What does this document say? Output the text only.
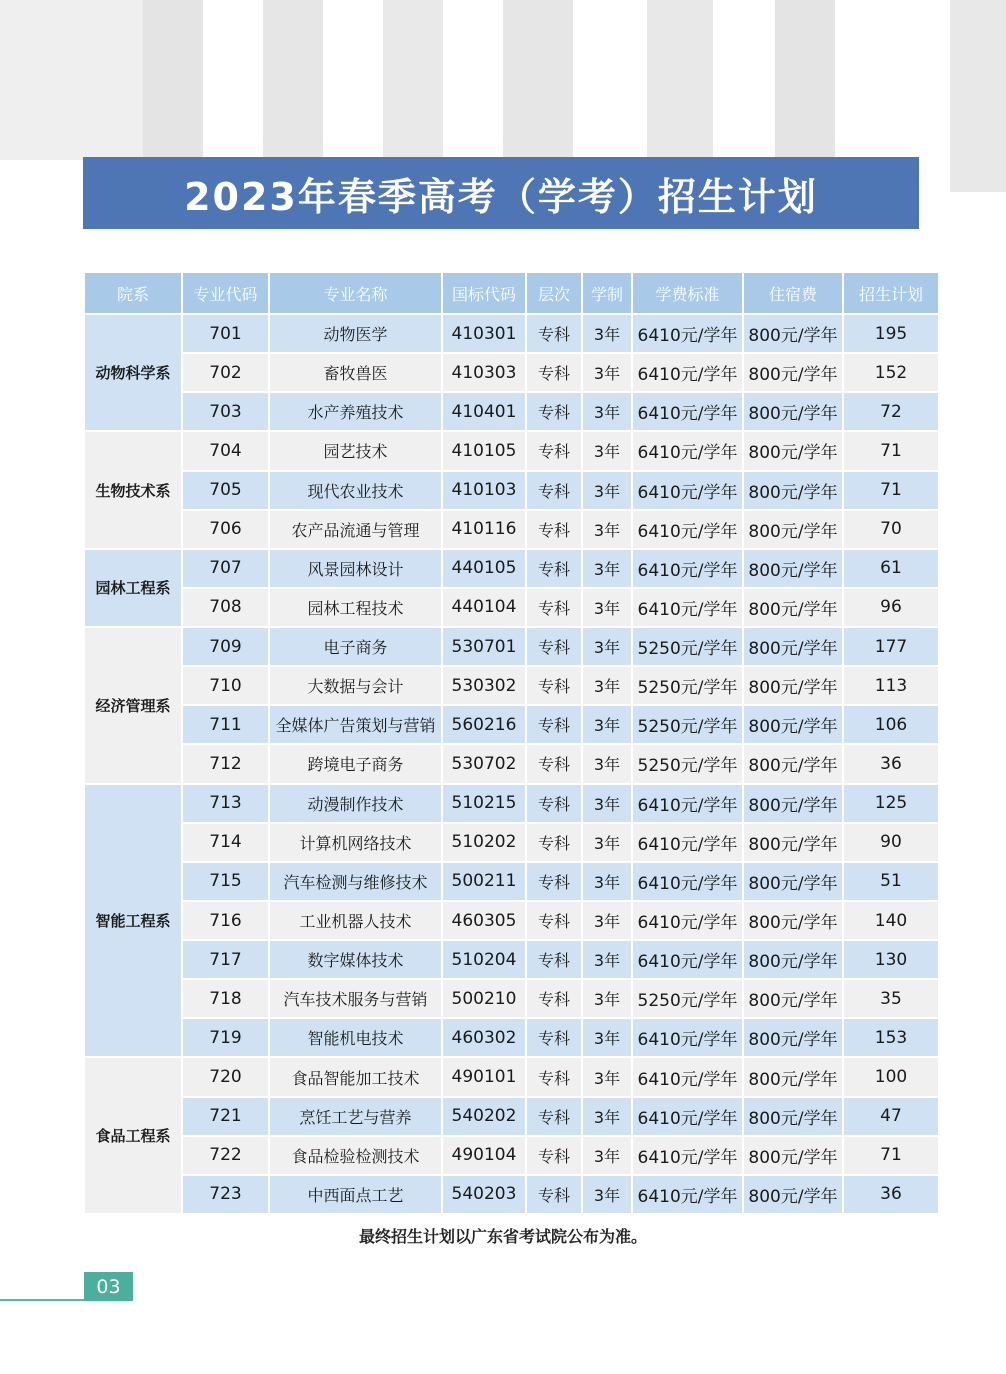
2023年春季高考（学考）招生计划
院系	专业代码	专业名称	国标代码	层次	学制	学费标准	住宿费	招生计划
动物科学系
701	动物医学	410301	专科	3年	6410元/学年 800元/学年	195
702	畜牧兽医	410303	专科	3年	6410元/学年 800元/学年	152
703	水产养殖技术	410401	专科	3年	6410元/学年 800元/学年	72
生物技术系
704	园艺技术	410105	专科	3年	6410元/学年 800元/学年	71
705	现代农业技术	410103	专科	3年	6410元/学年 800元/学年	71
706	农产品流通与管理	410116	专科	3年	6410元/学年 800元/学年	70
园林工程系
707	风景园林设计	440105	专科	3年	6410元/学年 800元/学年	61
708	园林工程技术	440104	专科	3年	6410元/学年 800元/学年	96
经济管理系
709	电子商务	530701	专科	3年	5250元/学年 800元/学年	177
710	大数据与会计	530302	专科	3年	5250元/学年 800元/学年	113
711	全媒体广告策划与营销 560216	专科	3年	5250元/学年 800元/学年	106
712	跨境电子商务	530702	专科	3年	5250元/学年 800元/学年	36
智能工程系
713	动漫制作技术	510215	专科	3年	6410元/学年 800元/学年	125
714	计算机网络技术	510202	专科	3年	6410元/学年 800元/学年	90
715	汽车检测与维修技术	500211	专科	3年	6410元/学年 800元/学年	51
716	工业机器人技术	460305	专科	3年	6410元/学年 800元/学年	140
717	数字媒体技术	510204	专科	3年	6410元/学年 800元/学年	130
718	汽车技术服务与营销	500210	专科	3年	5250元/学年 800元/学年	35
719	智能机电技术	460302	专科	3年	6410元/学年 800元/学年	153
食品工程系
720	食品智能加工技术	490101	专科	3年	6410元/学年 800元/学年	100
721	烹饪工艺与营养	540202	专科	3年	6410元/学年 800元/学年	47
722	食品检验检测技术	490104	专科	3年	6410元/学年 800元/学年	71
723	中西面点工艺	540203	专科	3年	6410元/学年 800元/学年	36
最终招生计划以广东省考试院公布为准。
03
